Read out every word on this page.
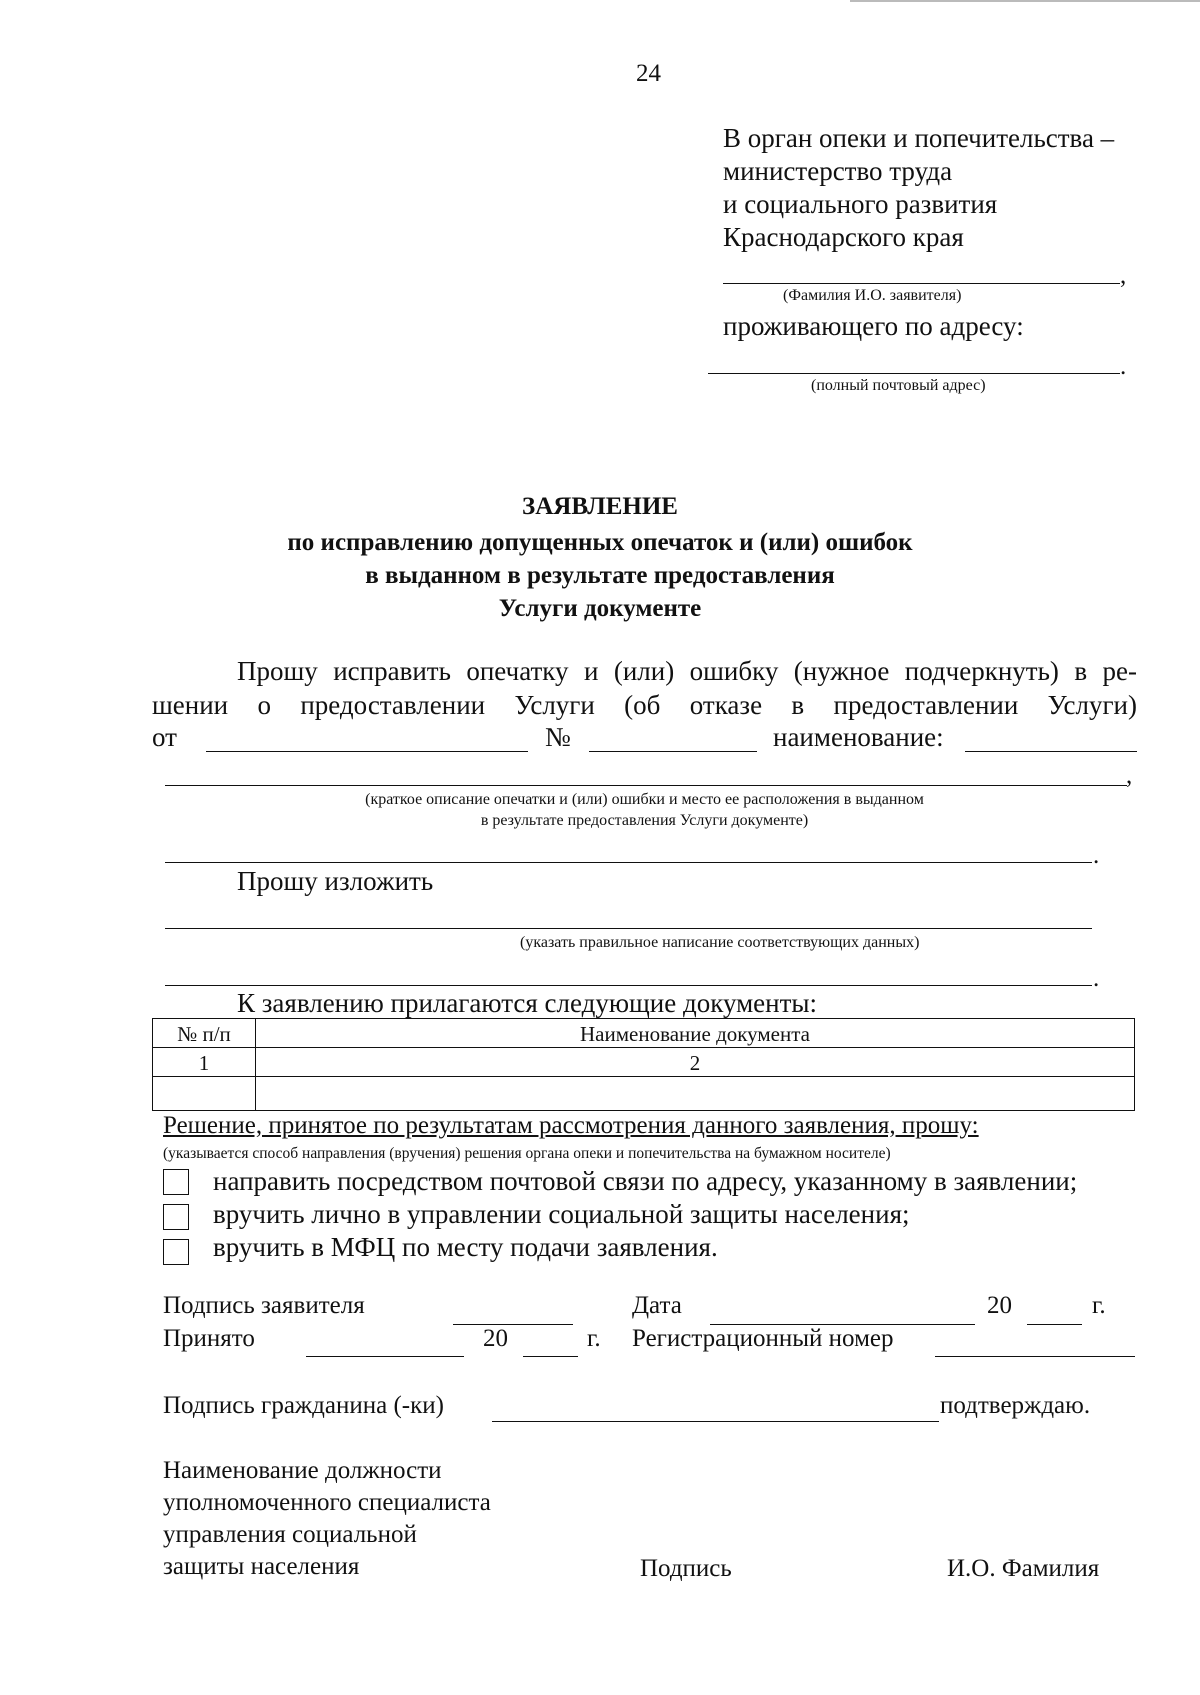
24
В орган опеки и попечительства –
министерство труда
и социального развития
Краснодарского края
,
(Фамилия И.О. заявителя)
проживающего по адресу:
.
(полный почтовый адрес)
ЗАЯВЛЕНИЕ
по исправлению допущенных опечаток и (или) ошибок
в выданном в результате предоставления
Услуги документе
Прошу исправить опечатку и (или) ошибку (нужное подчеркнуть) в ре-
шении о предоставлении Услуги (об отказе в предоставлении Услуги)
от	№	наименование:
,
(краткое описание опечатки и (или) ошибки и место ее расположения в выданном
в результате предоставления Услуги документе)
.
Прошу изложить
(указать правильное написание соответствующих данных)
.
К заявлению прилагаются следующие документы:
№ п/п	Наименование документа
1	2

Решение, принятое по результатам рассмотрения данного заявления, прошу:
(указывается способ направления (вручения) решения органа опеки и попечительства на бумажном носителе)
направить посредством почтовой связи по адресу, указанному в заявлении;
вручить лично в управлении социальной защиты населения;
вручить в МФЦ по месту подачи заявления.
Подпись заявителя	Дата	20	г.
Принято	20	г. Регистрационный номер
Подпись гражданина (-ки)	подтверждаю.
Наименование должности
уполномоченного специалиста
управления социальной
защиты населения	Подпись	И.О. Фамилия
